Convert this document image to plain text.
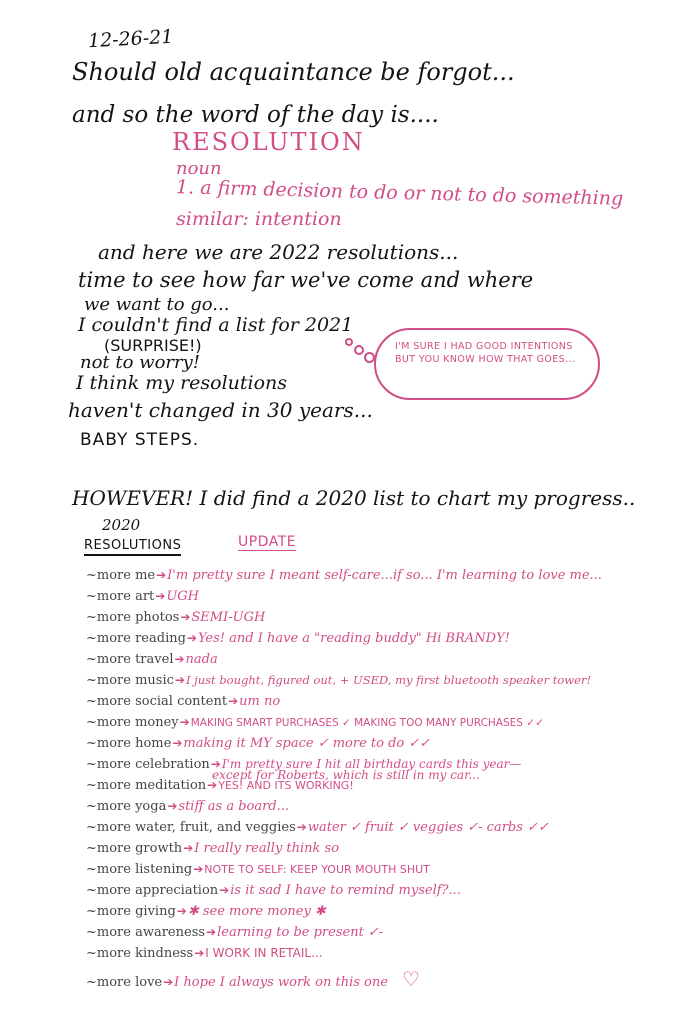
12-26-21
Should old acquaintance be forgot...
and so the word of the day is....
RESOLUTION
noun
1. a firm decision to do or not to do something
similar: intention
and here we are 2022 resolutions...
time to see how far we've come and where
we want to go...
I couldn't find a list for 2021
(SURPRISE!)
not to worry!
I think my resolutions
haven't changed in 30 years...
BABY STEPS.
I'M SURE I HAD GOOD INTENTIONS BUT YOU KNOW HOW THAT GOES...
HOWEVER! I did find a 2020 list to chart my progress..
2020
RESOLUTIONS	UPDATE
~more me ➔ I'm pretty sure I meant self-care...if so... I'm learning to love me...
~more art ➔ UGH
~more photos ➔ SEMI-UGH
~more reading ➔ Yes! and I have a "reading buddy" Hi BRANDY!
~more travel ➔ nada
~more music ➔ I just bought, figured out, + USED, my first bluetooth speaker tower!
~more social content ➔ um no
~more money ➔ MAKING SMART PURCHASES ✓ MAKING TOO MANY PURCHASES ✓✓
~more home ➔ making it MY space ✓ more to do ✓✓
~more celebration ➔ I'm pretty sure I hit all birthday cards this year—
except for Roberts, which is still in my car...
~more meditation ➔ YES! AND ITS WORKING!
~more yoga ➔ stiff as a board...
~more water, fruit, and veggies ➔ water ✓ fruit ✓ veggies ✓- carbs ✓✓
~more growth ➔ I really really think so
~more listening ➔ NOTE TO SELF: KEEP YOUR MOUTH SHUT
~more appreciation ➔ is it sad I have to remind myself?...
~more giving ➔ ✱ see more money ✱
~more awareness ➔ learning to be present ✓-
~more kindness ➔ I WORK IN RETAIL...
~more love ➔ I hope I always work on this one ♡
